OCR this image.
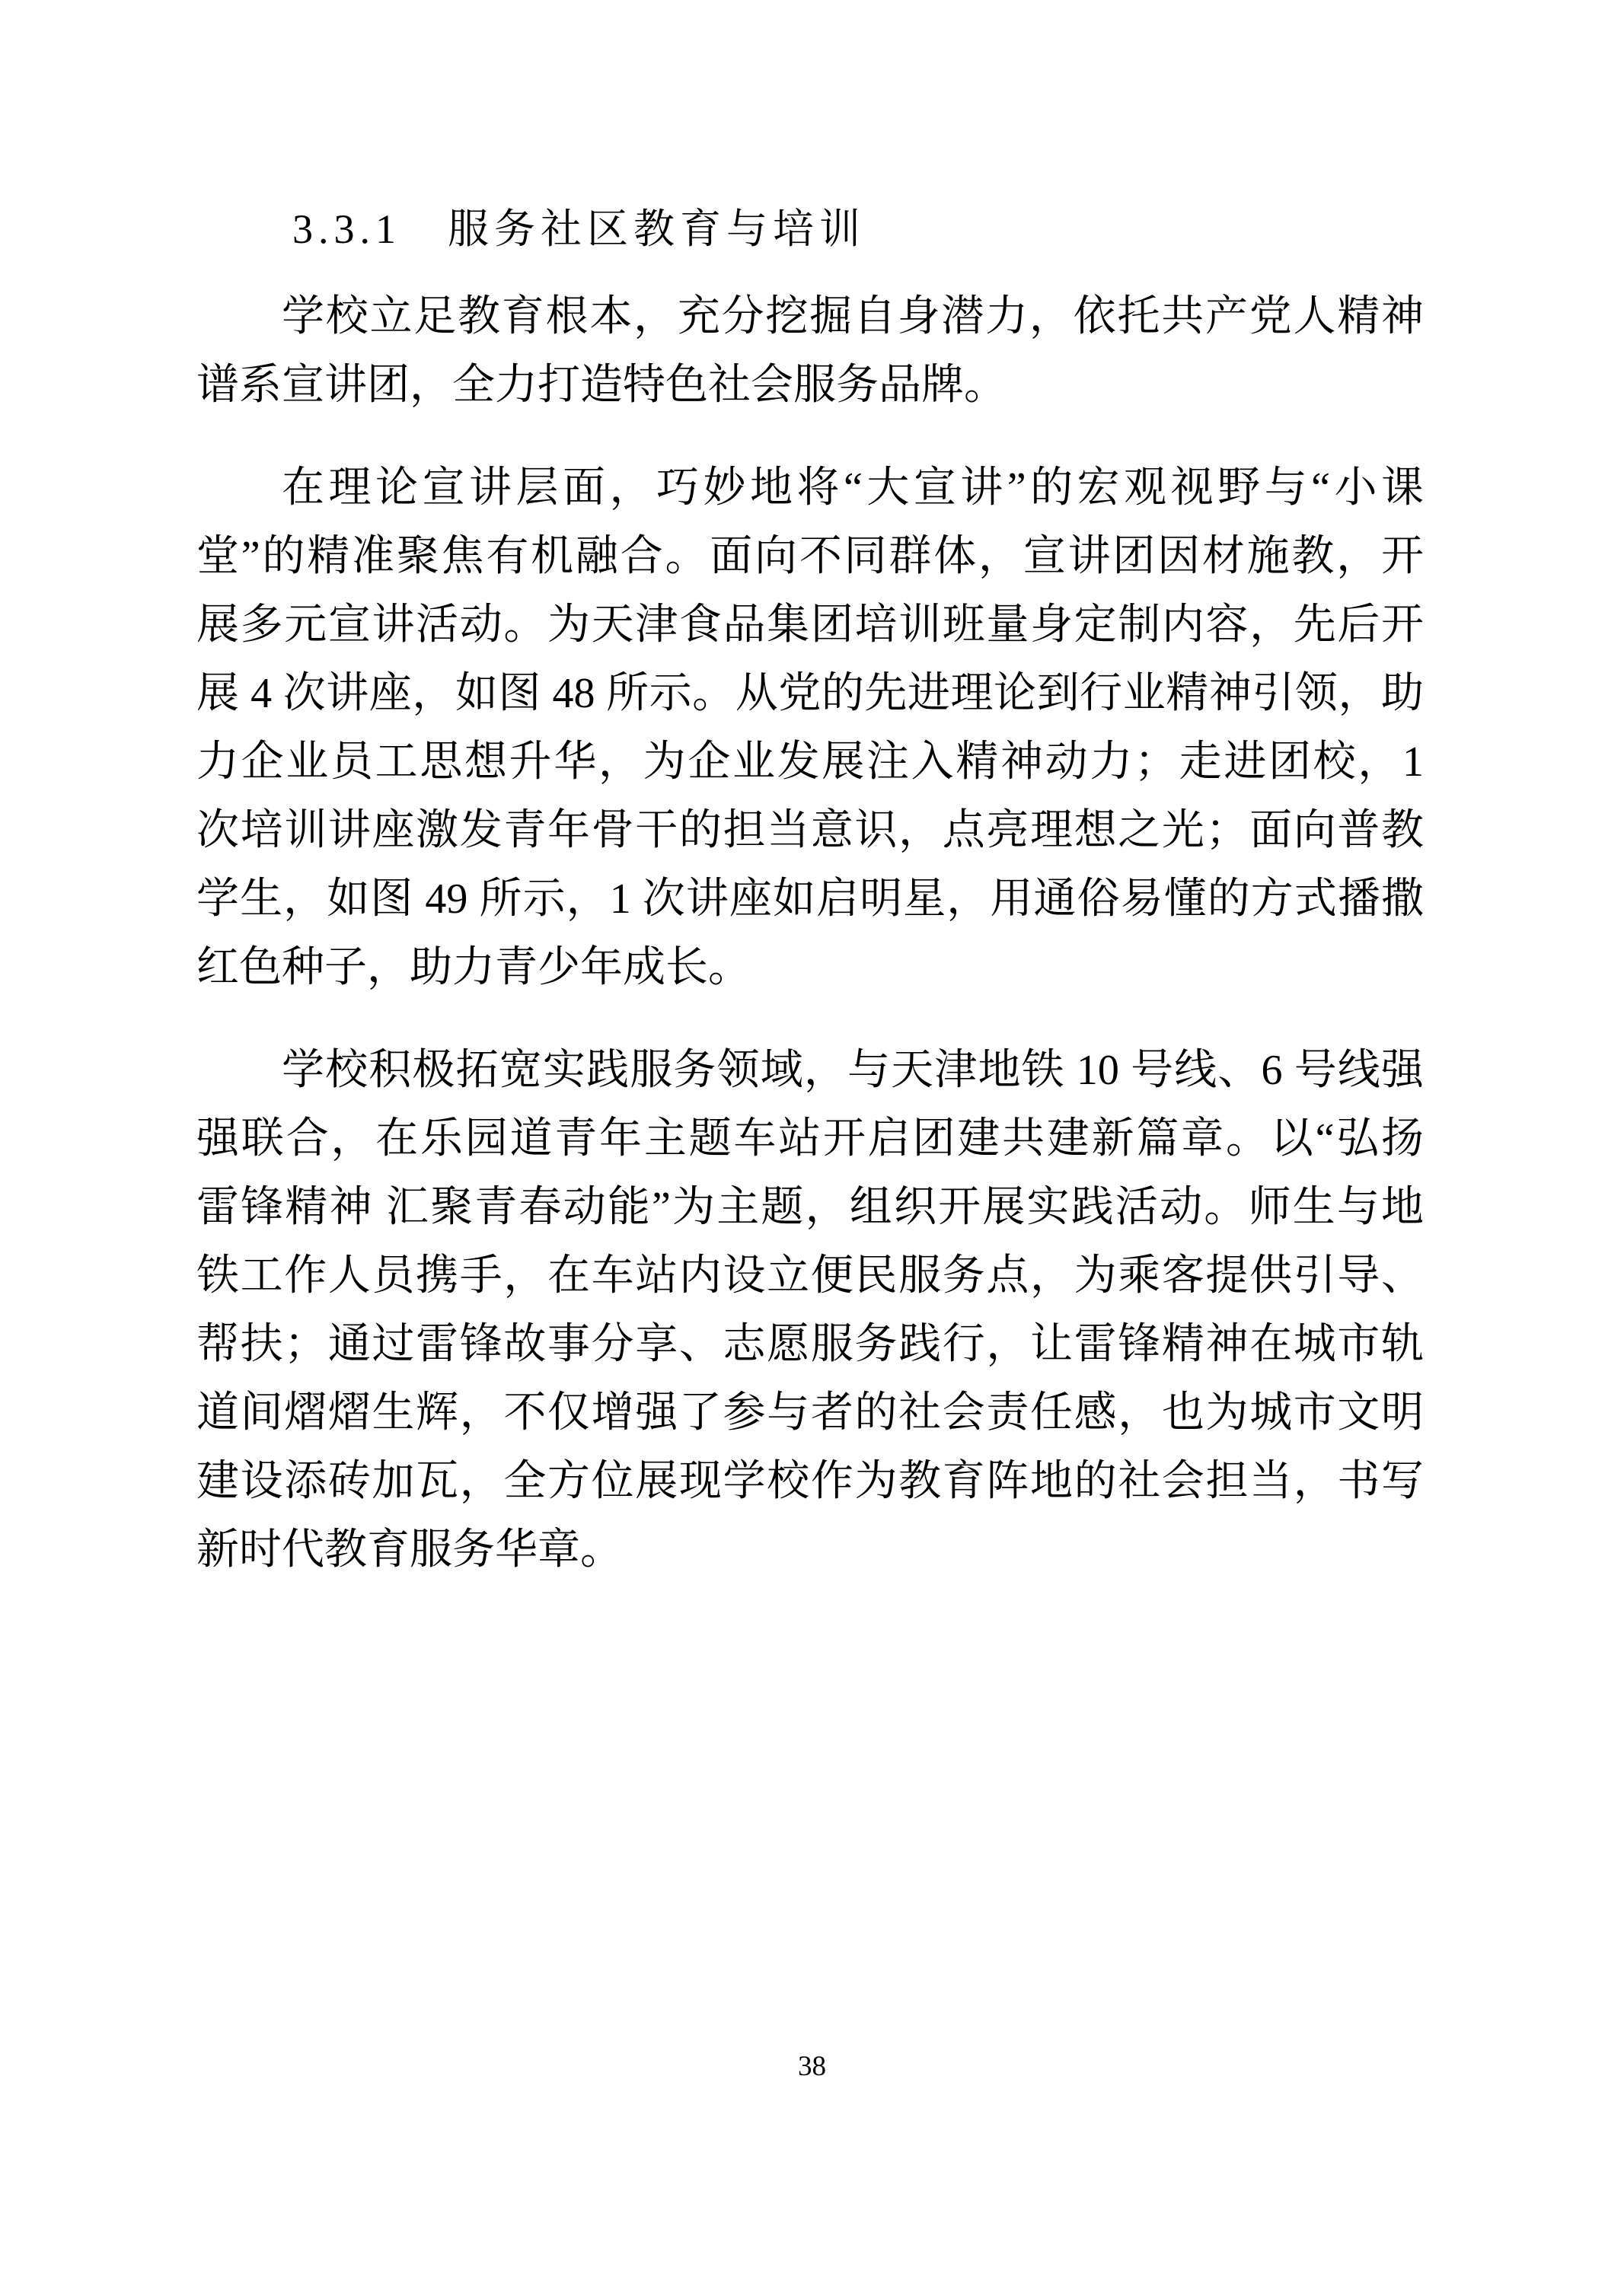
3.3.1　服务社区教育与培训
学校立足教育根本，充分挖掘自身潜力，依托共产党人精神
谱系宣讲团，全力打造特色社会服务品牌。
在理论宣讲层面，巧妙地将“大宣讲”的宏观视野与“小课
堂”的精准聚焦有机融合。面向不同群体，宣讲团因材施教，开
展多元宣讲活动。为天津食品集团培训班量身定制内容，先后开
展 4 次讲座，如图 48 所示。从党的先进理论到行业精神引领，助
力企业员工思想升华，为企业发展注入精神动力；走进团校，1
次培训讲座激发青年骨干的担当意识，点亮理想之光；面向普教
学生，如图 49 所示，1 次讲座如启明星，用通俗易懂的方式播撒
红色种子，助力青少年成长。
学校积极拓宽实践服务领域，与天津地铁 10 号线、6 号线强
强联合，在乐园道青年主题车站开启团建共建新篇章。以“弘扬
雷锋精神 汇聚青春动能”为主题，组织开展实践活动。师生与地
铁工作人员携手，在车站内设立便民服务点，为乘客提供引导、
帮扶；通过雷锋故事分享、志愿服务践行，让雷锋精神在城市轨
道间熠熠生辉，不仅增强了参与者的社会责任感，也为城市文明
建设添砖加瓦，全方位展现学校作为教育阵地的社会担当，书写
新时代教育服务华章。
38
